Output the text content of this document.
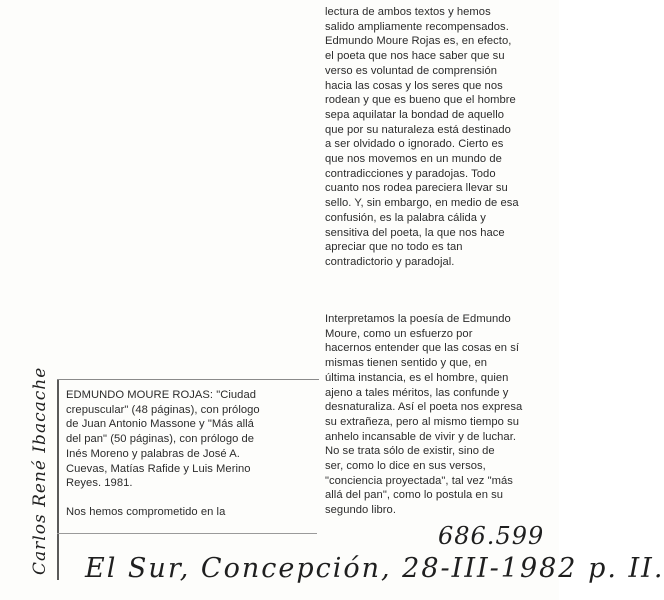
lectura de ambos textos y hemos
salido ampliamente recompensados.
Edmundo Moure Rojas es, en efecto,
el poeta que nos hace saber que su
verso es voluntad de comprensión
hacia las cosas y los seres que nos
rodean y que es bueno que el hombre
sepa aquilatar la bondad de aquello
que por su naturaleza está destinado
a ser olvidado o ignorado. Cierto es
que nos movemos en un mundo de
contradicciones y paradojas. Todo
cuanto nos rodea pareciera llevar su
sello. Y, sin embargo, en medio de esa
confusión, es la palabra cálida y
sensitiva del poeta, la que nos hace
apreciar que no todo es tan
contradictorio y paradojal.
Interpretamos la poesía de Edmundo
Moure, como un esfuerzo por
hacernos entender que las cosas en sí
mismas tienen sentido y que, en
última instancia, es el hombre, quien
ajeno a tales méritos, las confunde y
desnaturaliza. Así el poeta nos expresa
su extrañeza, pero al mismo tiempo su
anhelo incansable de vivir y de luchar.
No se trata sólo de existir, sino de
ser, como lo dice en sus versos,
"conciencia proyectada", tal vez "más
allá del pan", como lo postula en su
segundo libro.
EDMUNDO MOURE ROJAS: "Ciudad
crepuscular" (48 páginas), con prólogo
de Juan Antonio Massone y "Más allá
del pan" (50 páginas), con prólogo de
Inés Moreno y palabras de José A.
Cuevas, Matías Rafide y Luis Merino
Reyes. 1981.
Nos hemos comprometido en la
Carlos René Ibacache	686.599
El Sur, Concepción, 28-III-1982 p. II.
